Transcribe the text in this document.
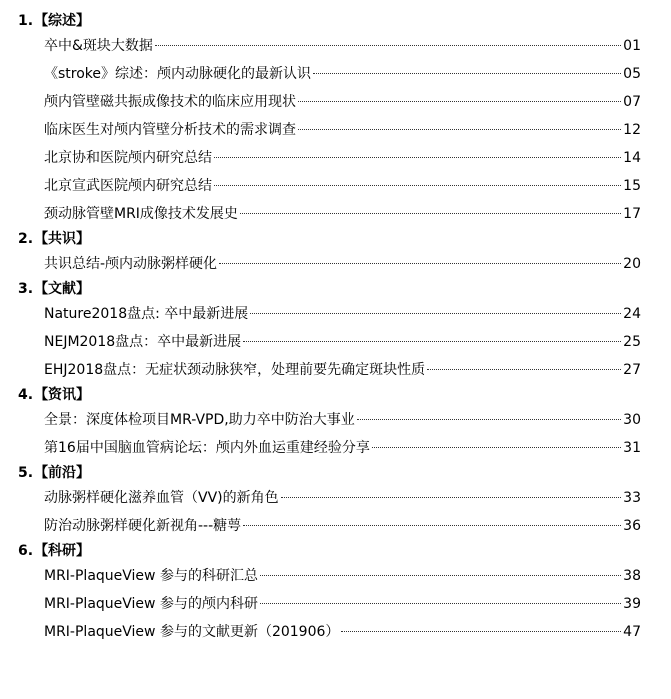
1.【综述】
卒中&斑块大数据	01
《stroke》综述：颅内动脉硬化的最新认识	05
颅内管壁磁共振成像技术的临床应用现状	07
临床医生对颅内管壁分析技术的需求调查	12
北京协和医院颅内研究总结	14
北京宣武医院颅内研究总结	15
颈动脉管壁MRI成像技术发展史	17
2.【共识】
共识总结-颅内动脉粥样硬化	20
3.【文献】
Nature2018盘点: 卒中最新进展	24
NEJM2018盘点：卒中最新进展	25
EHJ2018盘点：无症状颈动脉狭窄，处理前要先确定斑块性质	27
4.【资讯】
全景：深度体检项目MR-VPD,助力卒中防治大事业	30
第16届中国脑血管病论坛：颅内外血运重建经验分享	31
5.【前沿】
动脉粥样硬化滋养血管（VV)的新角色	33
防治动脉粥样硬化新视角---糖萼	36
6.【科研】
MRI-PlaqueView 参与的科研汇总	38
MRI-PlaqueView 参与的颅内科研	39
MRI-PlaqueView 参与的文献更新（201906）	47
